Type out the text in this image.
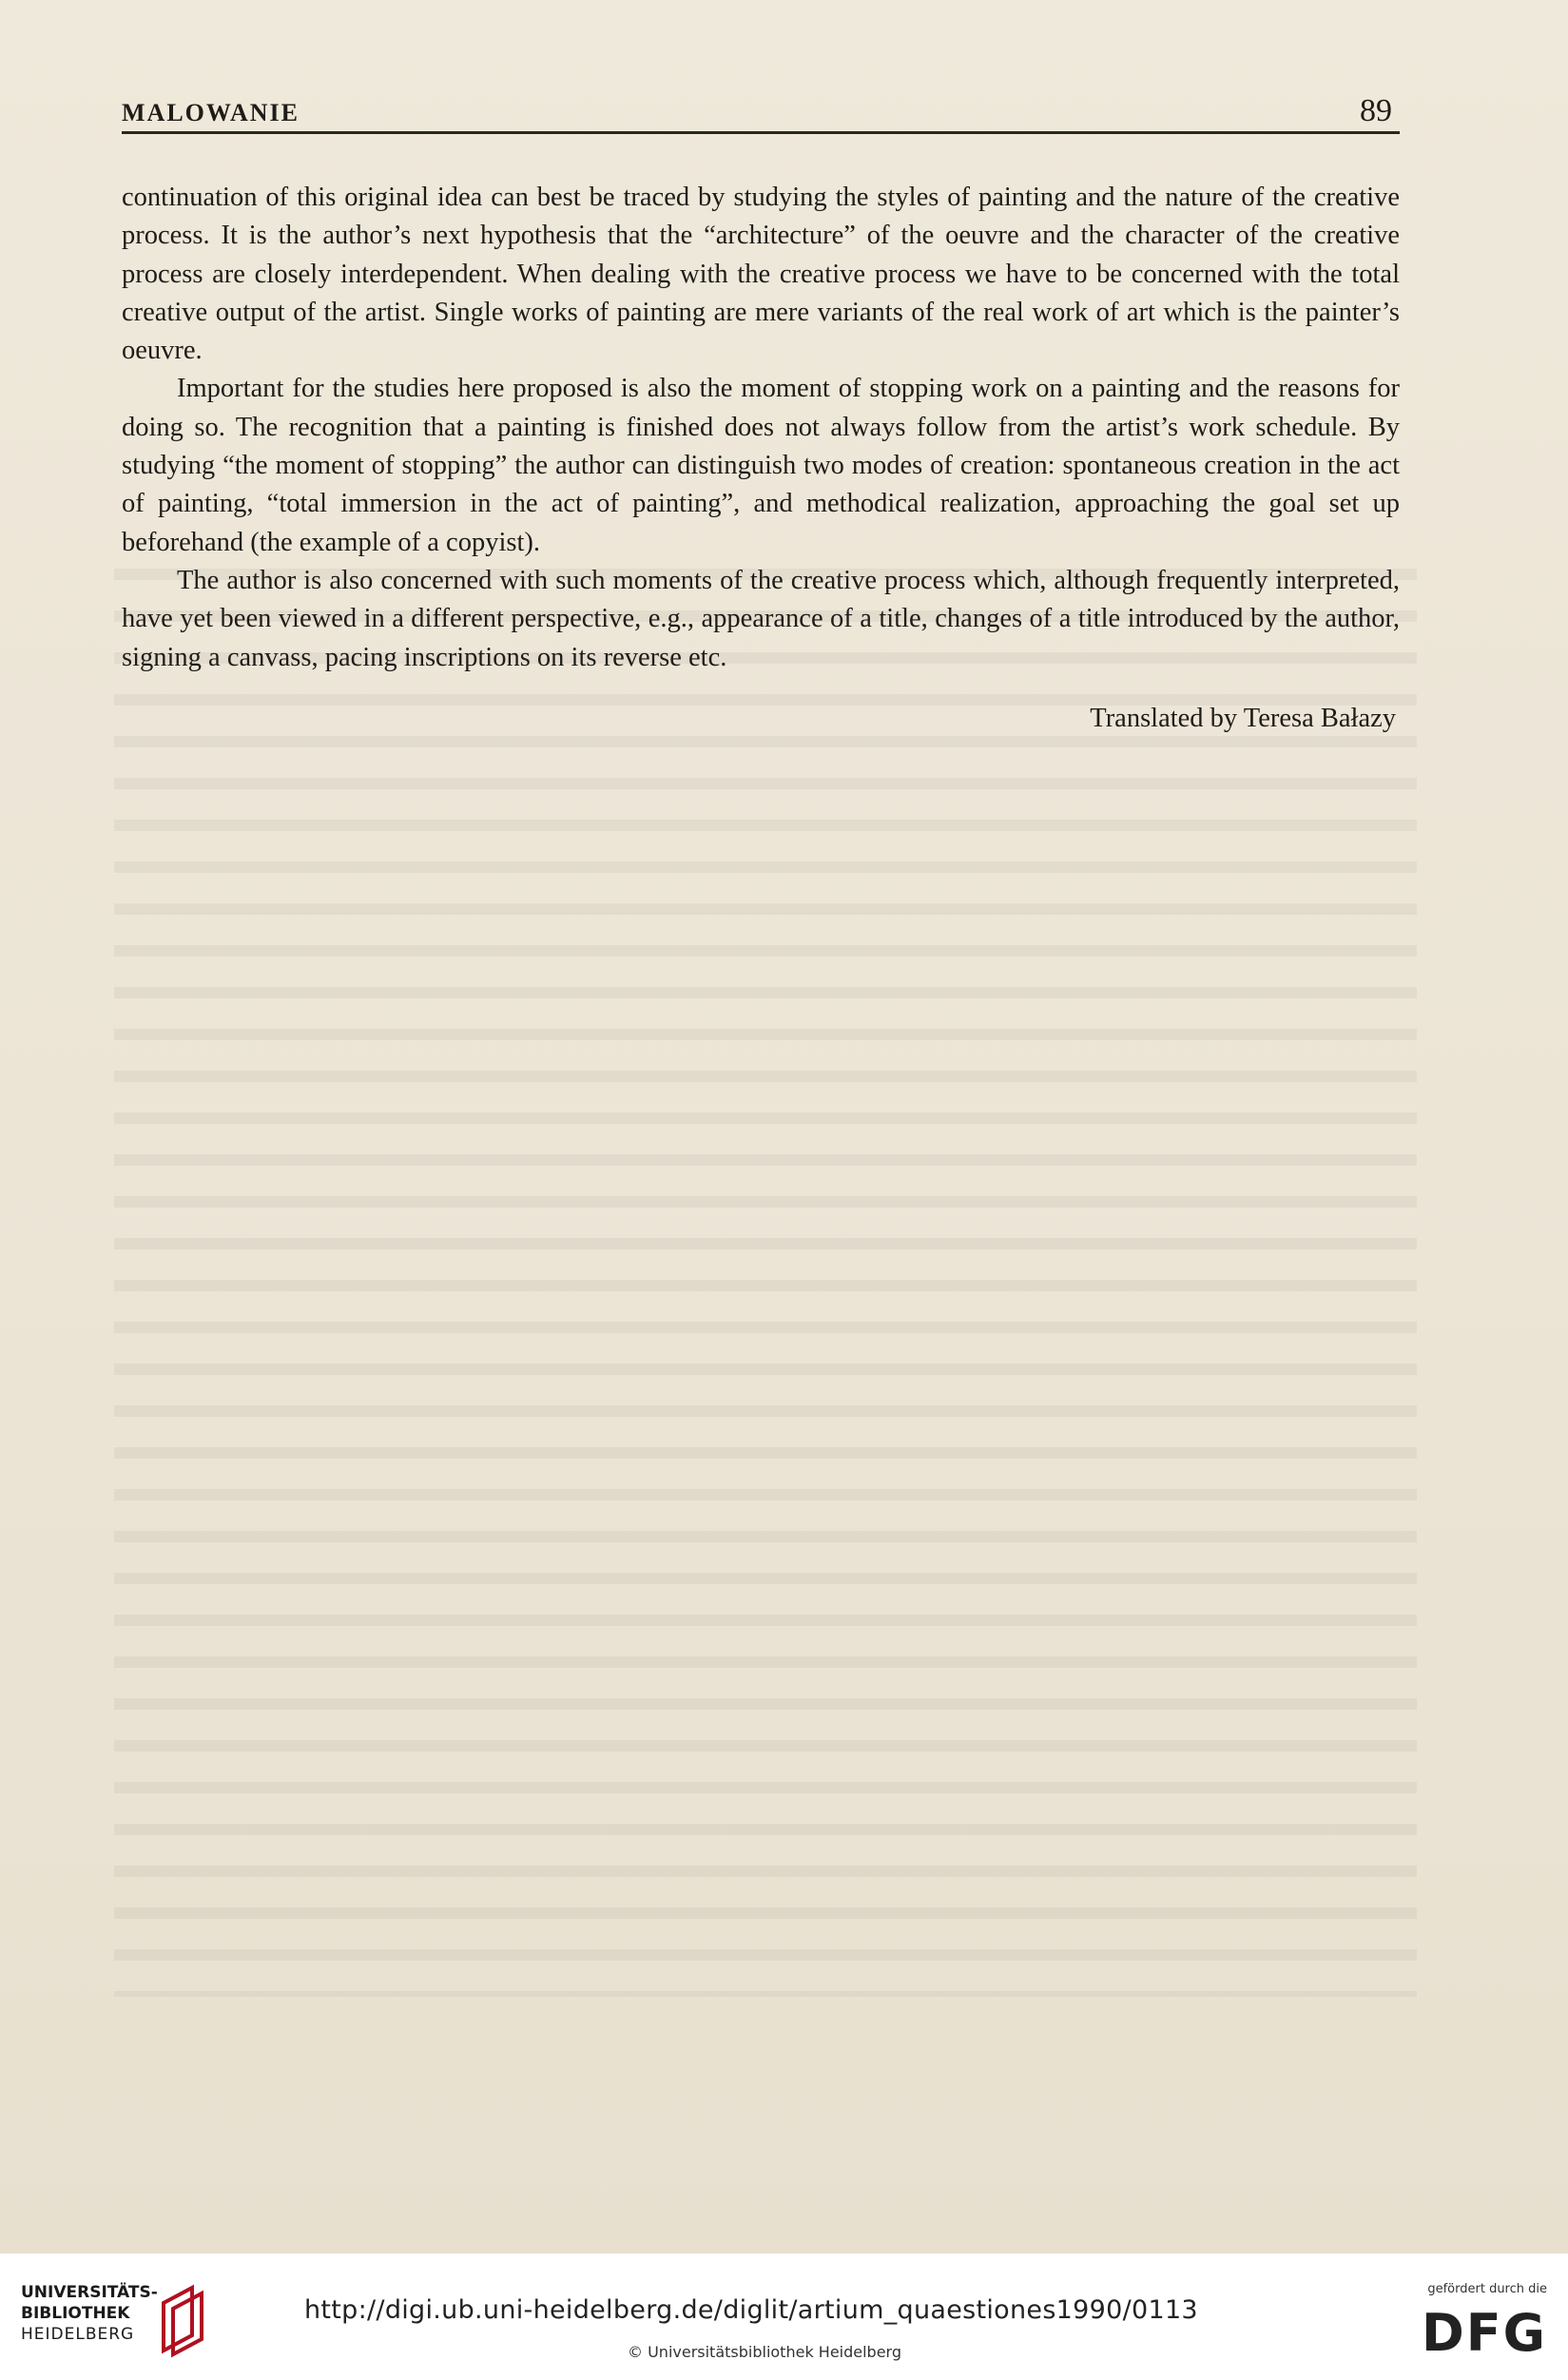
MALOWANIE	89

continuation of this original idea can best be traced by studying the styles of painting and the nature of the creative process. It is the author’s next hypothesis that the “architecture” of the oeuvre and the character of the creative process are closely interdependent. When dealing with the creative process we have to be concerned with the total creative output of the artist. Single works of painting are mere variants of the real work of art which is the painter’s oeuvre.

Important for the studies here proposed is also the moment of stopping work on a painting and the reasons for doing so. The recognition that a painting is finished does not always follow from the artist’s work schedule. By studying “the moment of stopping” the author can distinguish two modes of creation: spontaneous creation in the act of painting, “total immersion in the act of painting”, and methodical realization, approaching the goal set up beforehand (the example of a copyist).

The author is also concerned with such moments of the creative process which, although frequently interpreted, have yet been viewed in a different perspective, e.g., appearance of a title, changes of a title introduced by the author, signing a canvass, pacing inscriptions on its reverse etc.

Translated by Teresa Bałazy

UNIVERSITÄTS-
BIBLIOTHEK
HEIDELBERG
http://digi.ub.uni-heidelberg.de/diglit/artium_quaestiones1990/0113
© Universitätsbibliothek Heidelberg
gefördert durch die
DFG
